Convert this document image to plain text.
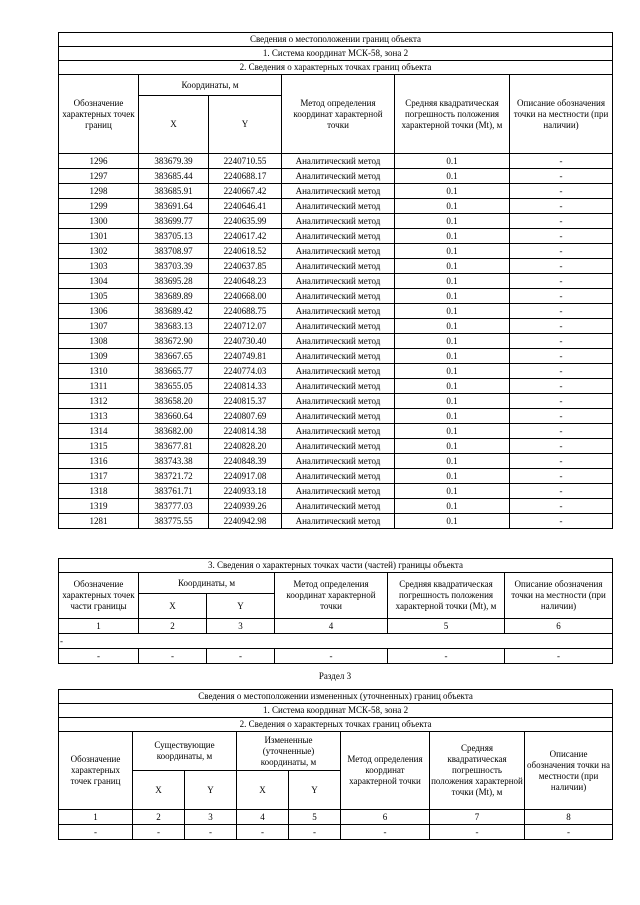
Сведения о местоположении границ объекта					
1. Система координат МСК-58, зона 2					
2. Сведения о характерных точках границ объекта					
Обозначение характерных точек границ	Координаты, м		Метод определения координат характерной точки	Средняя квадратическая погрешность положения характерной точки (Mt), м	Описание обозначения точки на местности (при наличии)
	X	Y			
1296	383679.39	2240710.55	Аналитический метод	0.1	-
1297	383685.44	2240688.17	Аналитический метод	0.1	-
1298	383685.91	2240667.42	Аналитический метод	0.1	-
1299	383691.64	2240646.41	Аналитический метод	0.1	-
1300	383699.77	2240635.99	Аналитический метод	0.1	-
1301	383705.13	2240617.42	Аналитический метод	0.1	-
1302	383708.97	2240618.52	Аналитический метод	0.1	-
1303	383703.39	2240637.85	Аналитический метод	0.1	-
1304	383695.28	2240648.23	Аналитический метод	0.1	-
1305	383689.89	2240668.00	Аналитический метод	0.1	-
1306	383689.42	2240688.75	Аналитический метод	0.1	-
1307	383683.13	2240712.07	Аналитический метод	0.1	-
1308	383672.90	2240730.40	Аналитический метод	0.1	-
1309	383667.65	2240749.81	Аналитический метод	0.1	-
1310	383665.77	2240774.03	Аналитический метод	0.1	-
1311	383655.05	2240814.33	Аналитический метод	0.1	-
1312	383658.20	2240815.37	Аналитический метод	0.1	-
1313	383660.64	2240807.69	Аналитический метод	0.1	-
1314	383682.00	2240814.38	Аналитический метод	0.1	-
1315	383677.81	2240828.20	Аналитический метод	0.1	-
1316	383743.38	2240848.39	Аналитический метод	0.1	-
1317	383721.72	2240917.08	Аналитический метод	0.1	-
1318	383761.71	2240933.18	Аналитический метод	0.1	-
1319	383777.03	2240939.26	Аналитический метод	0.1	-
1281	383775.55	2240942.98	Аналитический метод	0.1	-
3. Сведения о характерных точках части (частей) границы объекта					
Обозначение характерных точек части границы	Координаты, м		Метод определения координат характерной точки	Средняя квадратическая погрешность положения характерной точки (Mt), м	Описание обозначения точки на местности (при наличии)
	X	Y			
1	2	3	4	5	6
-					
-	-	-	-	-	-
Раздел 3
Сведения о местоположении измененных (уточненных) границ объекта							
1. Система координат МСК-58, зона 2							
2. Сведения о характерных точках границ объекта							
Обозначение характерных точек границ	Существующие координаты, м		Измененные (уточненные) координаты, м		Метод определения координат характерной точки	Средняя квадратическая погрешность положения характерной точки (Mt), м	Описание обозначения точки на местности (при наличии)
	X	Y	X	Y			
1	2	3	4	5	6	7	8
-	-	-	-	-	-	-	-
